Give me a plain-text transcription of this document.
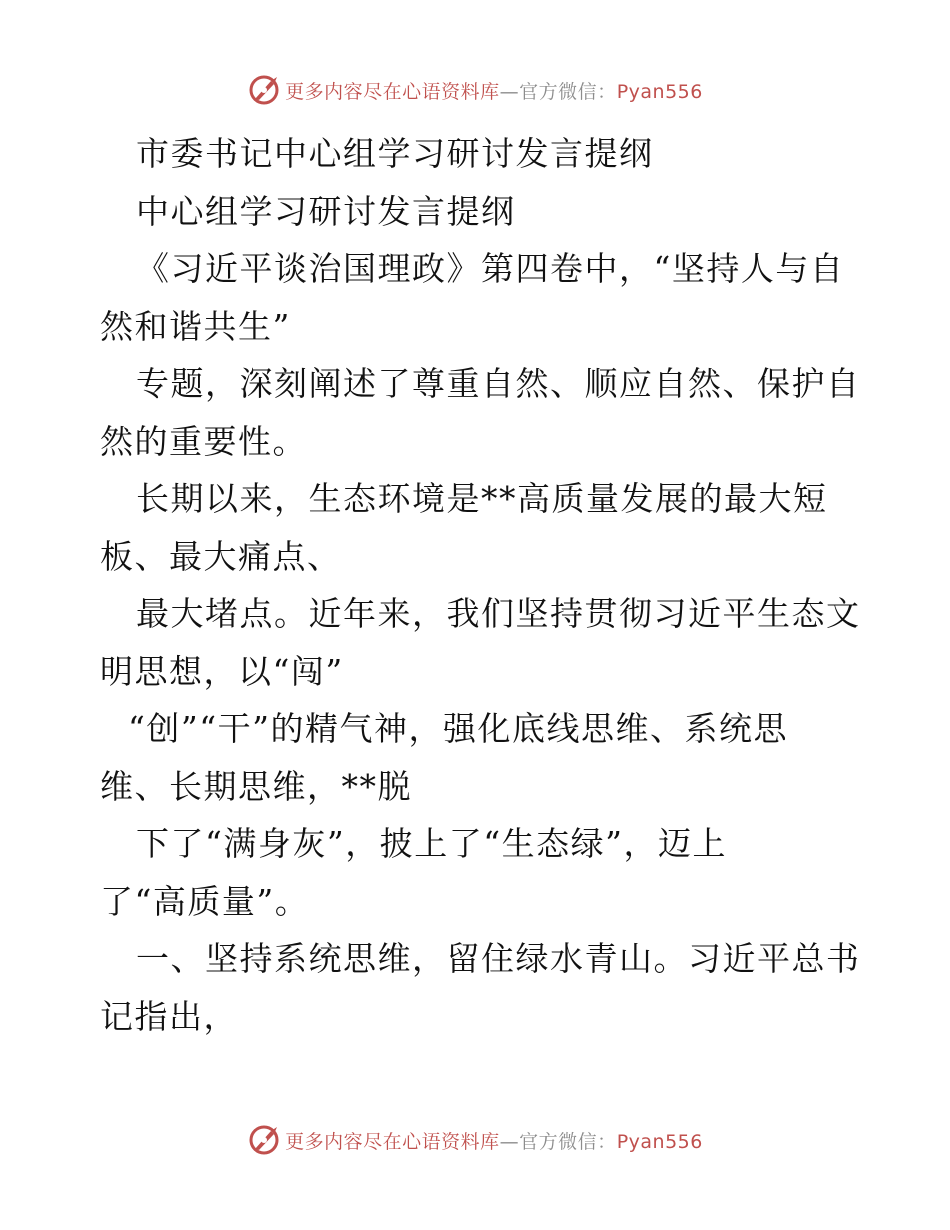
更多内容尽在心语资料库—官方微信：Pyan556
市委书记中心组学习研讨发言提纲
中心组学习研讨发言提纲
《习近平谈治国理政》第四卷中，“坚持人与自
然和谐共生”
专题，深刻阐述了尊重自然、顺应自然、保护自
然的重要性。
长期以来，生态环境是**高质量发展的最大短
板、最大痛点、
最大堵点。近年来，我们坚持贯彻习近平生态文
明思想，以“闯”
“创”“干”的精气神，强化底线思维、系统思
维、长期思维，**脱
下了“满身灰”，披上了“生态绿”，迈上
了“高质量”。
一、坚持系统思维，留住绿水青山。习近平总书
记指出，
更多内容尽在心语资料库—官方微信：Pyan556
